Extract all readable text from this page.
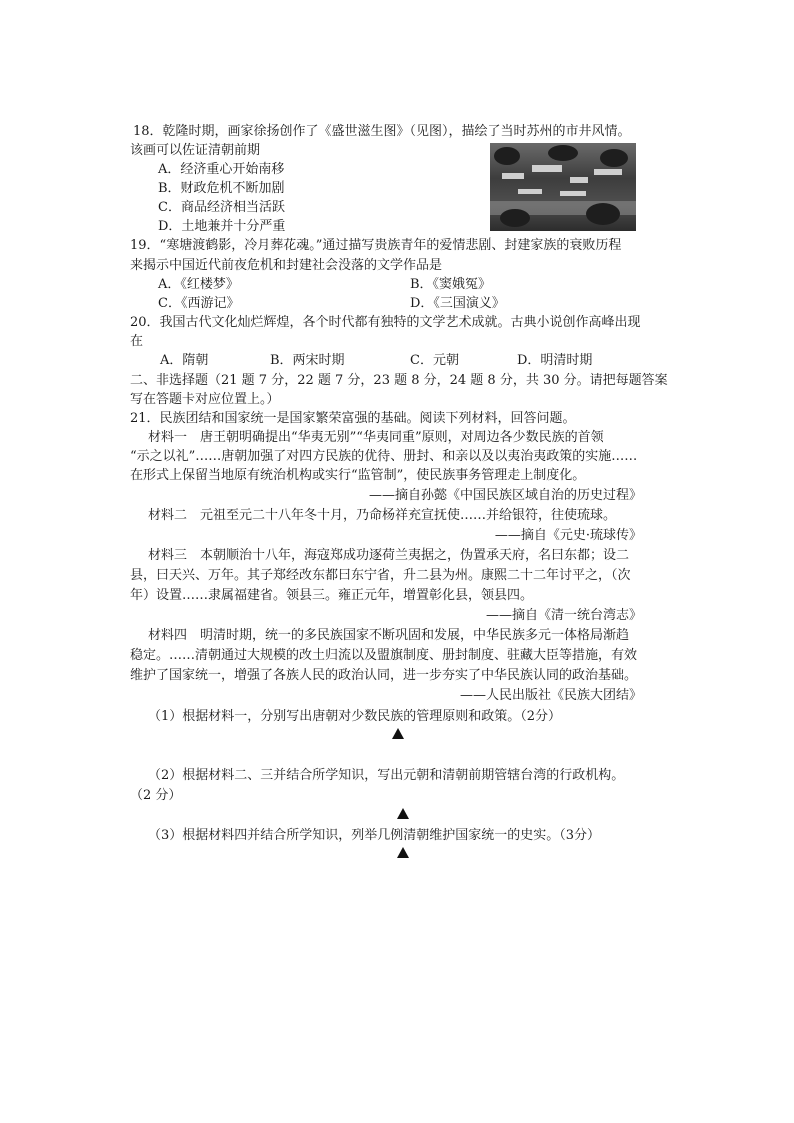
18．乾隆时期，画家徐扬创作了《盛世滋生图》（见图），描绘了当时苏州的市井风情。
该画可以佐证清朝前期
A．经济重心开始南移
B．财政危机不断加剧
C．商品经济相当活跃
D．土地兼并十分严重
19．“寒塘渡鹤影，冷月葬花魂。”通过描写贵族青年的爱情悲剧、封建家族的衰败历程
来揭示中国近代前夜危机和封建社会没落的文学作品是
A．《红楼梦》	B．《窦娥冤》
C．《西游记》	D．《三国演义》
20．我国古代文化灿烂辉煌，各个时代都有独特的文学艺术成就。古典小说创作高峰出现
在
A．隋朝	B．两宋时期	C．元朝	D．明清时期
二、非选择题（21 题 7 分，22 题 7 分，23 题 8 分，24 题 8 分，共 30 分。请把每题答案
写在答题卡对应位置上。）
21．民族团结和国家统一是国家繁荣富强的基础。阅读下列材料，回答问题。
材料一　唐王朝明确提出“华夷无别”“华夷同重”原则，对周边各少数民族的首领
“示之以礼”……唐朝加强了对四方民族的优待、册封、和亲以及以夷治夷政策的实施……
在形式上保留当地原有统治机构或实行“监管制”，使民族事务管理走上制度化。
——摘自孙懿《中国民族区域自治的历史过程》
材料二　元祖至元二十八年冬十月，乃命杨祥充宣抚使……并给银符，往使琉球。
——摘自《元史·琉球传》
材料三　本朝顺治十八年，海寇郑成功逐荷兰夷据之，伪置承天府，名曰东都；设二
县，曰天兴、万年。其子郑经改东都曰东宁省，升二县为州。康熙二十二年讨平之，（次
年）设置……隶属福建省。领县三。雍正元年，增置彰化县，领县四。
——摘自《清一统台湾志》
材料四　明清时期，统一的多民族国家不断巩固和发展，中华民族多元一体格局渐趋
稳定。……清朝通过大规模的改土归流以及盟旗制度、册封制度、驻藏大臣等措施，有效
维护了国家统一，增强了各族人民的政治认同，进一步夯实了中华民族认同的政治基础。
——人民出版社《民族大团结》
（1）根据材料一，分别写出唐朝对少数民族的管理原则和政策。（2分）
（2）根据材料二、三并结合所学知识，写出元朝和清朝前期管辖台湾的行政机构。
（2 分）
（3）根据材料四并结合所学知识，列举几例清朝维护国家统一的史实。（3分）
